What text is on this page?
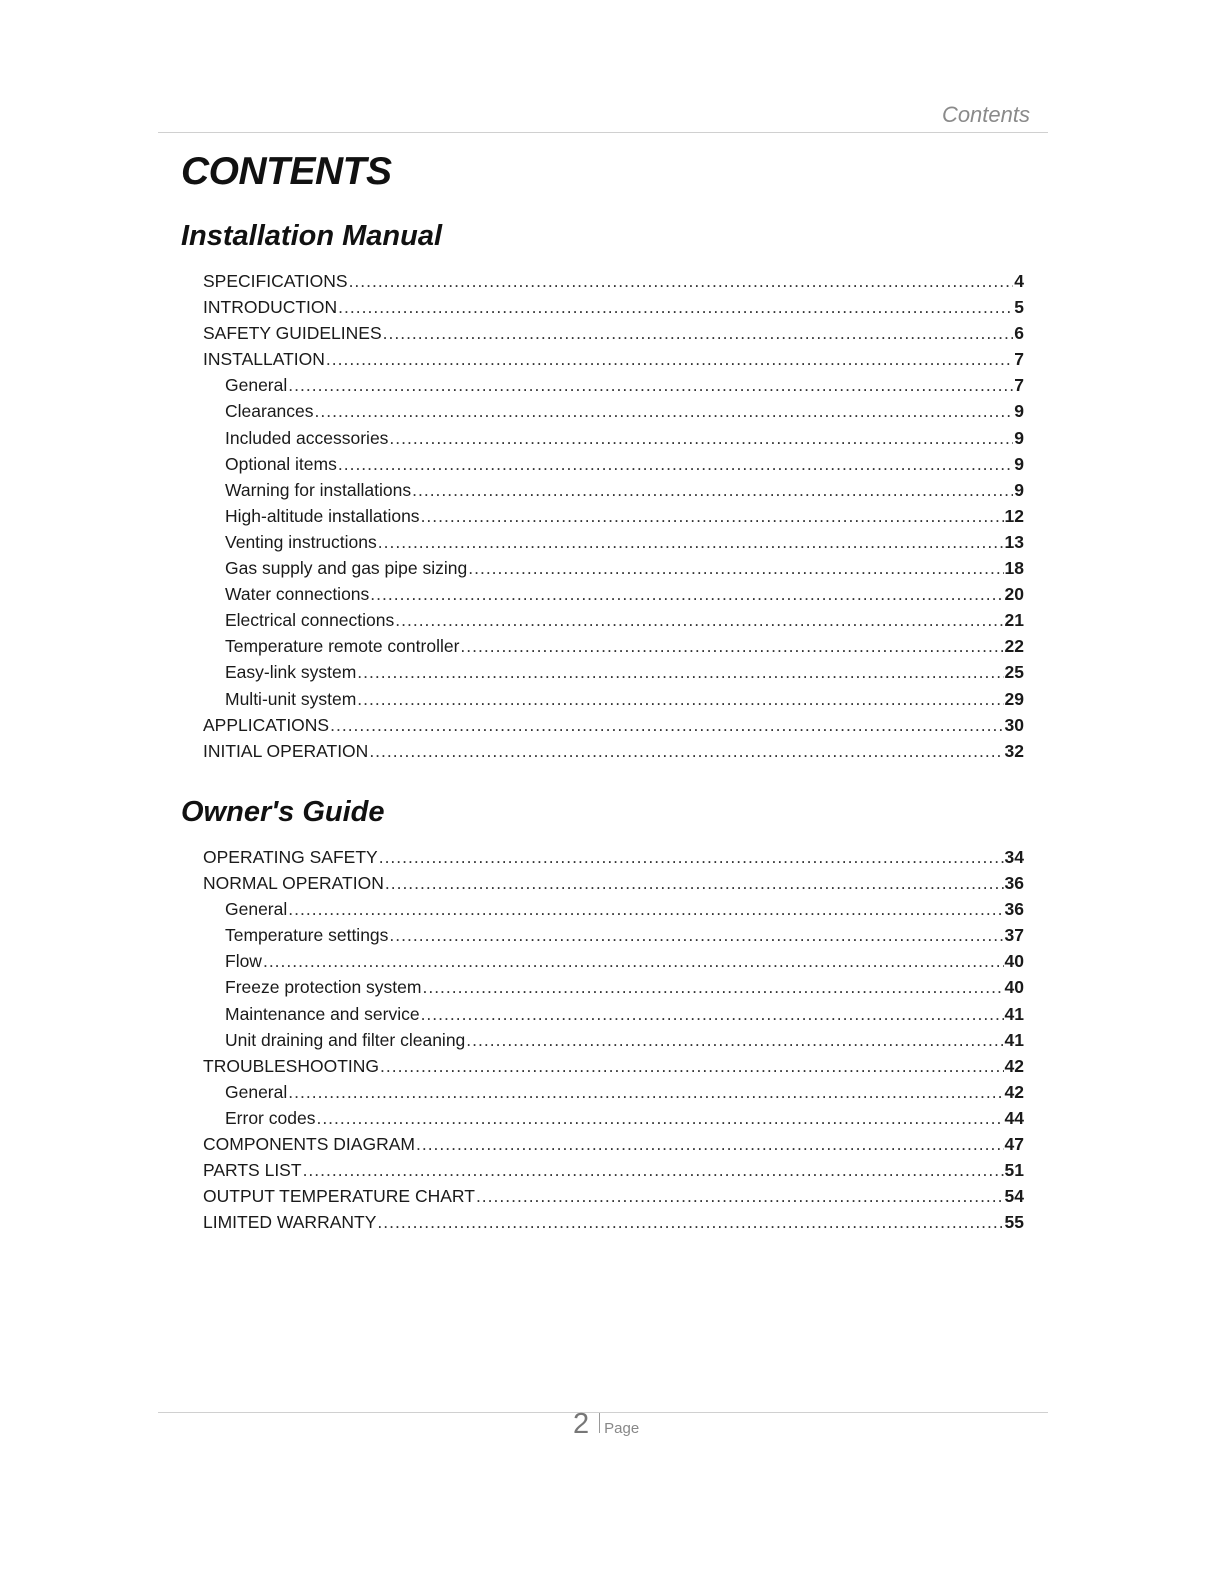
Contents
CONTENTS
Installation Manual
SPECIFICATIONS .....	4
INTRODUCTION .....	5
SAFETY GUIDELINES .....	6
INSTALLATION .....	7
General .....	7
Clearances .....	9
Included accessories .....	9
Optional items .....	9
Warning for installations .....	9
High-altitude installations .....	12
Venting instructions .....	13
Gas supply and gas pipe sizing .....	18
Water connections .....	20
Electrical connections .....	21
Temperature remote controller .....	22
Easy-link system .....	25
Multi-unit system .....	29
APPLICATIONS .....	30
INITIAL OPERATION .....	32
Owner's Guide
OPERATING SAFETY .....	34
NORMAL OPERATION .....	36
General .....	36
Temperature settings .....	37
Flow .....	40
Freeze protection system .....	40
Maintenance and service .....	41
Unit draining and filter cleaning .....	41
TROUBLESHOOTING .....	42
General .....	42
Error codes .....	44
COMPONENTS DIAGRAM .....	47
PARTS LIST .....	51
OUTPUT TEMPERATURE CHART .....	54
LIMITED WARRANTY .....	55
2 Page
